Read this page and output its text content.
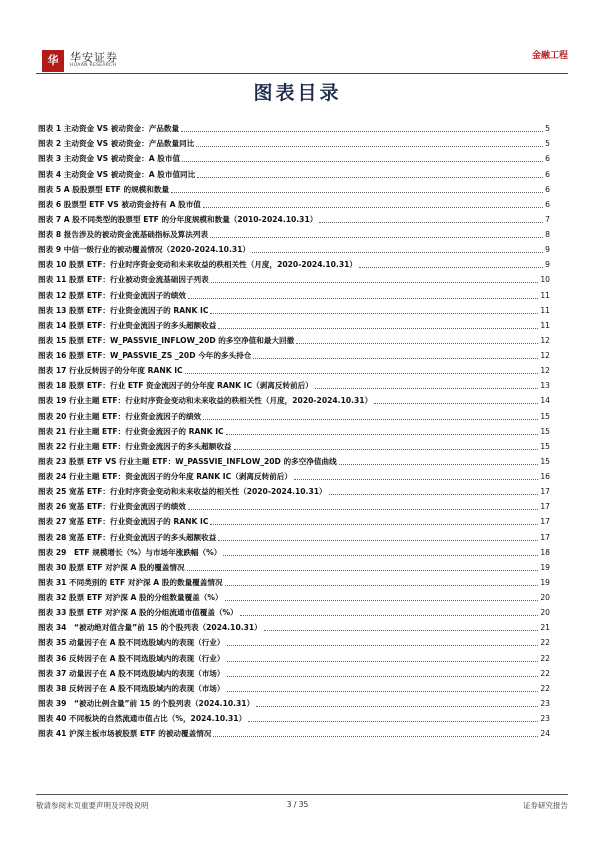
华	华安证券
HUAAN RESEARCH
金融工程
图表目录
图表 1 主动资金 VS 被动资金：产品数量	5
图表 2 主动资金 VS 被动资金：产品数量同比	5
图表 3 主动资金 VS 被动资金：A 股市值	6
图表 4 主动资金 VS 被动资金：A 股市值同比	6
图表 5 A 股股票型 ETF 的规模和数量	6
图表 6 股票型 ETF VS 被动资金持有 A 股市值	6
图表 7 A 股不同类型的股票型 ETF 的分年度规模和数量（2010-2024.10.31）	7
图表 8 报告涉及的被动资金流基础指标及算法列表	8
图表 9 中信一级行业的被动覆盖情况（2020-2024.10.31）	9
图表 10 股票 ETF：行业时序资金变动和未来收益的秩相关性（月度，2020-2024.10.31）	9
图表 11 股票 ETF：行业被动资金流基础因子列表	10
图表 12 股票 ETF：行业资金流因子的绩效	11
图表 13 股票 ETF：行业资金流因子的 RANK IC	11
图表 14 股票 ETF：行业资金流因子的多头超额收益	11
图表 15 股票 ETF：W_PASSVIE_INFLOW_20D 的多空净值和最大回撤	12
图表 16 股票 ETF：W_PASSVIE_ZS _20D 今年的多头持仓	12
图表 17 行业反转因子的分年度 RANK IC	12
图表 18 股票 ETF：行业 ETF 资金流因子的分年度 RANK IC（剥离反转前后）	13
图表 19 行业主题 ETF：行业时序资金变动和未来收益的秩相关性（月度，2020-2024.10.31）	14
图表 20 行业主题 ETF：行业资金流因子的绩效	15
图表 21 行业主题 ETF：行业资金流因子的 RANK IC	15
图表 22 行业主题 ETF：行业资金流因子的多头超额收益	15
图表 23 股票 ETF VS 行业主题 ETF：W_PASSVIE_INFLOW_20D 的多空净值曲线	15
图表 24 行业主题 ETF：资金流因子的分年度 RANK IC（剥离反转前后）	16
图表 25 宽基 ETF：行业时序资金变动和未来收益的相关性（2020-2024.10.31）	17
图表 26 宽基 ETF：行业资金流因子的绩效	17
图表 27 宽基 ETF：行业资金流因子的 RANK IC	17
图表 28 宽基 ETF：行业资金流因子的多头超额收益	17
图表 29　ETF 规模增长（%）与市场年涨跌幅（%）	18
图表 30 股票 ETF 对沪深 A 股的覆盖情况	19
图表 31 不同类别的 ETF 对沪深 A 股的数量覆盖情况	19
图表 32 股票 ETF 对沪深 A 股的分组数量覆盖（%）	20
图表 33 股票 ETF 对沪深 A 股的分组流通市值覆盖（%）	20
图表 34　“被动绝对值含量”前 15 的个股列表（2024.10.31）	21
图表 35 动量因子在 A 股不同选股域内的表现（行业）	22
图表 36 反转因子在 A 股不同选股域内的表现（行业）	22
图表 37 动量因子在 A 股不同选股域内的表现（市场）	22
图表 38 反转因子在 A 股不同选股域内的表现（市场）	22
图表 39　“被动比例含量”前 15 的个股列表（2024.10.31）	23
图表 40 不同板块的自然流通市值占比（%，2024.10.31）	23
图表 41 沪深主板市场被股票 ETF 的被动覆盖情况	24
敬请参阅末页重要声明及评级说明	3 / 35	证券研究报告
